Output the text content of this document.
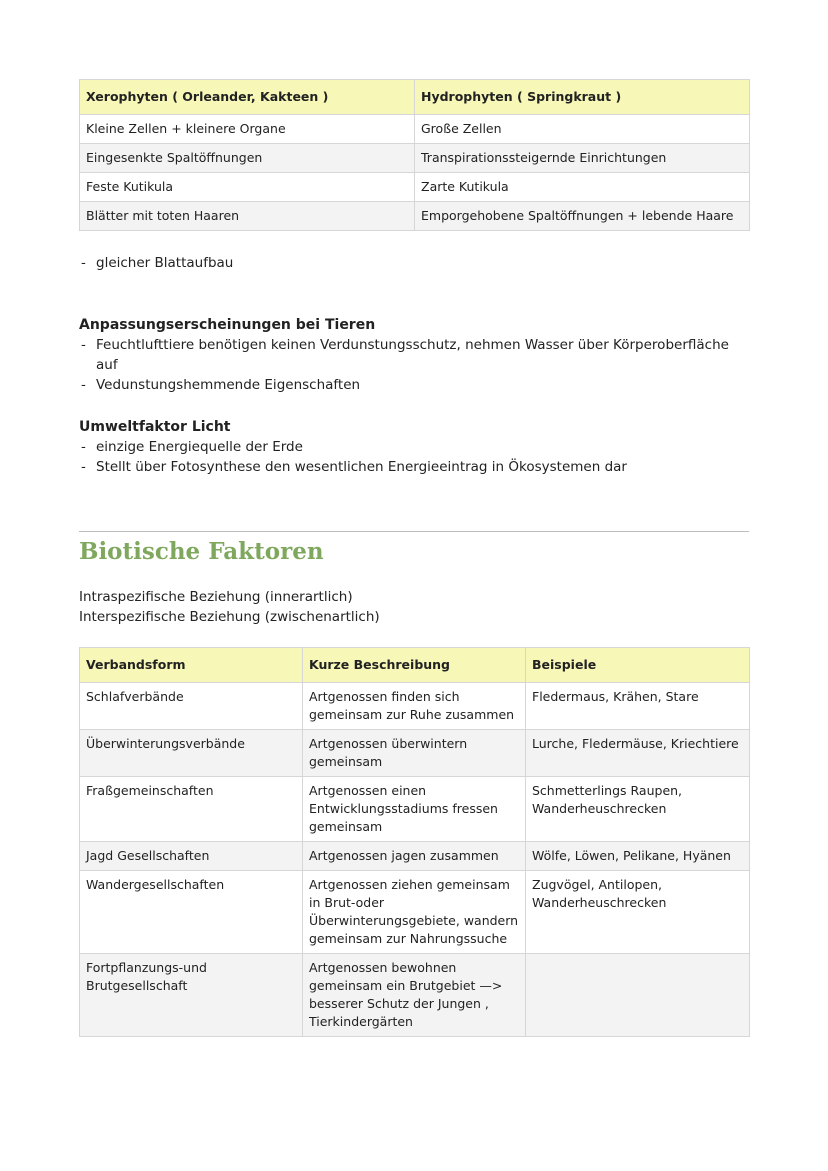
Xerophyten ( Orleander, Kakteen )	Hydrophyten ( Springkraut )
Kleine Zellen + kleinere Organe	Große Zellen
Eingesenkte Spaltöffnungen	Transpirationssteigernde Einrichtungen
Feste Kutikula	Zarte Kutikula
Blätter mit toten Haaren	Emporgehobene Spaltöffnungen + lebende Haare
- gleicher Blattaufbau

Anpassungserscheinungen bei Tieren

- Feuchtlufttiere benötigen keinen Verdunstungsschutz, nehmen Wasser über Körperoberfläche auf
- Vedunstungshemmende Eigenschaften

Umweltfaktor Licht

- einzige Energiequelle der Erde
- Stellt über Fotosynthese den wesentlichen Energieeintrag in Ökosystemen dar
Biotische Faktoren

Intraspezifische Beziehung (innerartlich)

Interspezifische Beziehung (zwischenartlich)

Verbandsform	Kurze Beschreibung	Beispiele
Schlafverbände	Artgenossen finden sich gemeinsam zur Ruhe zusammen	Fledermaus, Krähen, Stare
Überwinterungsverbände	Artgenossen überwintern gemeinsam	Lurche, Fledermäuse, Kriechtiere
Fraßgemeinschaften	Artgenossen einen Entwicklungsstadiums fressen gemeinsam	Schmetterlings Raupen, Wanderheuschrecken
Jagd Gesellschaften	Artgenossen jagen zusammen	Wölfe, Löwen, Pelikane, Hyänen
Wandergesellschaften	Artgenossen ziehen gemeinsam in Brut-oder Überwinterungsgebiete, wandern gemeinsam zur Nahrungssuche	Zugvögel, Antilopen, Wanderheuschrecken
Fortpflanzungs-und Brutgesellschaft	Artgenossen bewohnen gemeinsam ein Brutgebiet —> besserer Schutz der Jungen , Tierkindergärten	
